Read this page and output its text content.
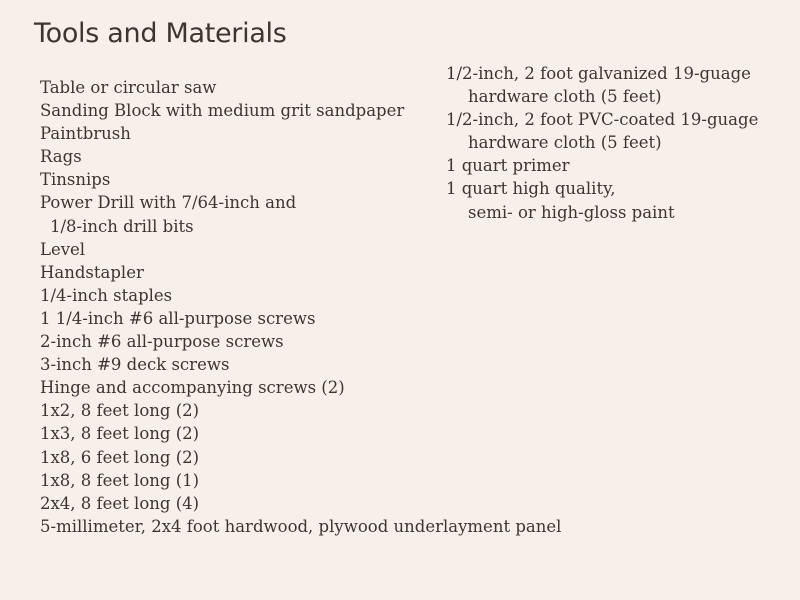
Tools and Materials
Table or circular saw
Sanding Block with medium grit sandpaper
Paintbrush
Rags
Tinsnips
Power Drill with 7/64-inch and
1/8-inch drill bits
Level
Handstapler
1/4-inch staples
1 1/4-inch #6 all-purpose screws
2-inch #6 all-purpose screws
3-inch #9 deck screws
Hinge and accompanying screws (2)
1x2, 8 feet long (2)
1x3, 8 feet long (2)
1x8, 6 feet long (2)
1x8, 8 feet long (1)
2x4, 8 feet long (4)
5-millimeter, 2x4 foot hardwood, plywood underlayment panel
1/2-inch, 2 foot galvanized 19-guage
hardware cloth (5 feet)
1/2-inch, 2 foot PVC-coated 19-guage
hardware cloth (5 feet)
1 quart primer
1 quart high quality,
semi- or high-gloss paint
